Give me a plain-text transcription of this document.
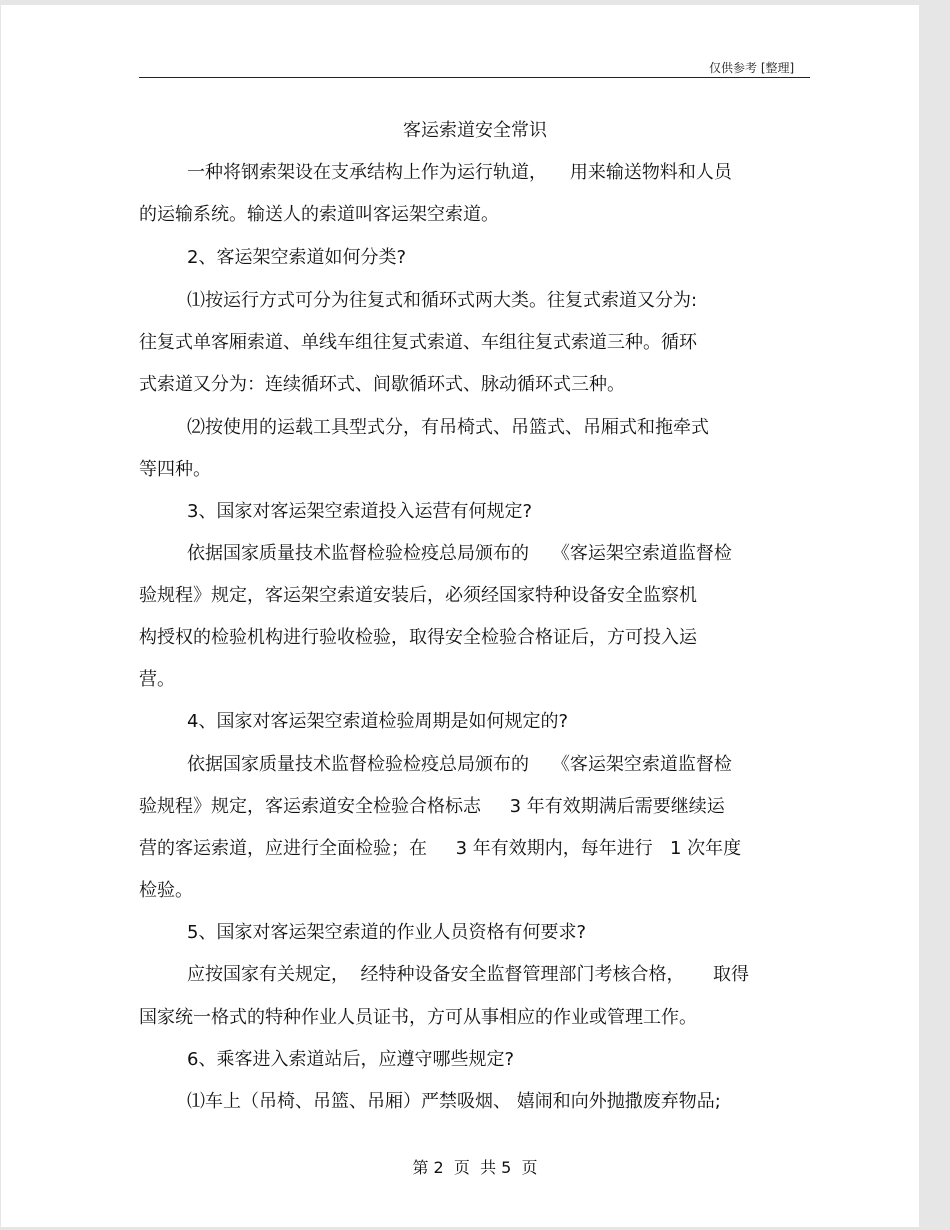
仅供参考 [整理]
客运索道安全常识
一种将钢索架设在支承结构上作为运行轨道，    用来输送物料和人员
的运输系统。输送人的索道叫客运架空索道。
2、客运架空索道如何分类?
⑴按运行方式可分为往复式和循环式两大类。往复式索道又分为:
往复式单客厢索道、单线车组往复式索道、车组往复式索道三种。循环
式索道又分为：连续循环式、间歇循环式、脉动循环式三种。
⑵按使用的运载工具型式分，有吊椅式、吊篮式、吊厢式和拖牵式
等四种。
3、国家对客运架空索道投入运营有何规定?
依据国家质量技术监督检验检疫总局颁布的    《客运架空索道监督检
验规程》规定，客运架空索道安装后，必须经国家特种设备安全监察机
构授权的检验机构进行验收检验，取得安全检验合格证后，方可投入运
营。
4、国家对客运架空索道检验周期是如何规定的?
依据国家质量技术监督检验检疫总局颁布的    《客运架空索道监督检
验规程》规定，客运索道安全检验合格标志     3 年有效期满后需要继续运
营的客运索道，应进行全面检验；在     3 年有效期内，每年进行   1 次年度
检验。
5、国家对客运架空索道的作业人员资格有何要求?
应按国家有关规定，  经特种设备安全监督管理部门考核合格，     取得
国家统一格式的特种作业人员证书，方可从事相应的作业或管理工作。
6、乘客进入索道站后，应遵守哪些规定?
⑴车上（吊椅、吊篮、吊厢）严禁吸烟、 嬉闹和向外抛撒废弃物品;
第 2  页  共 5  页
